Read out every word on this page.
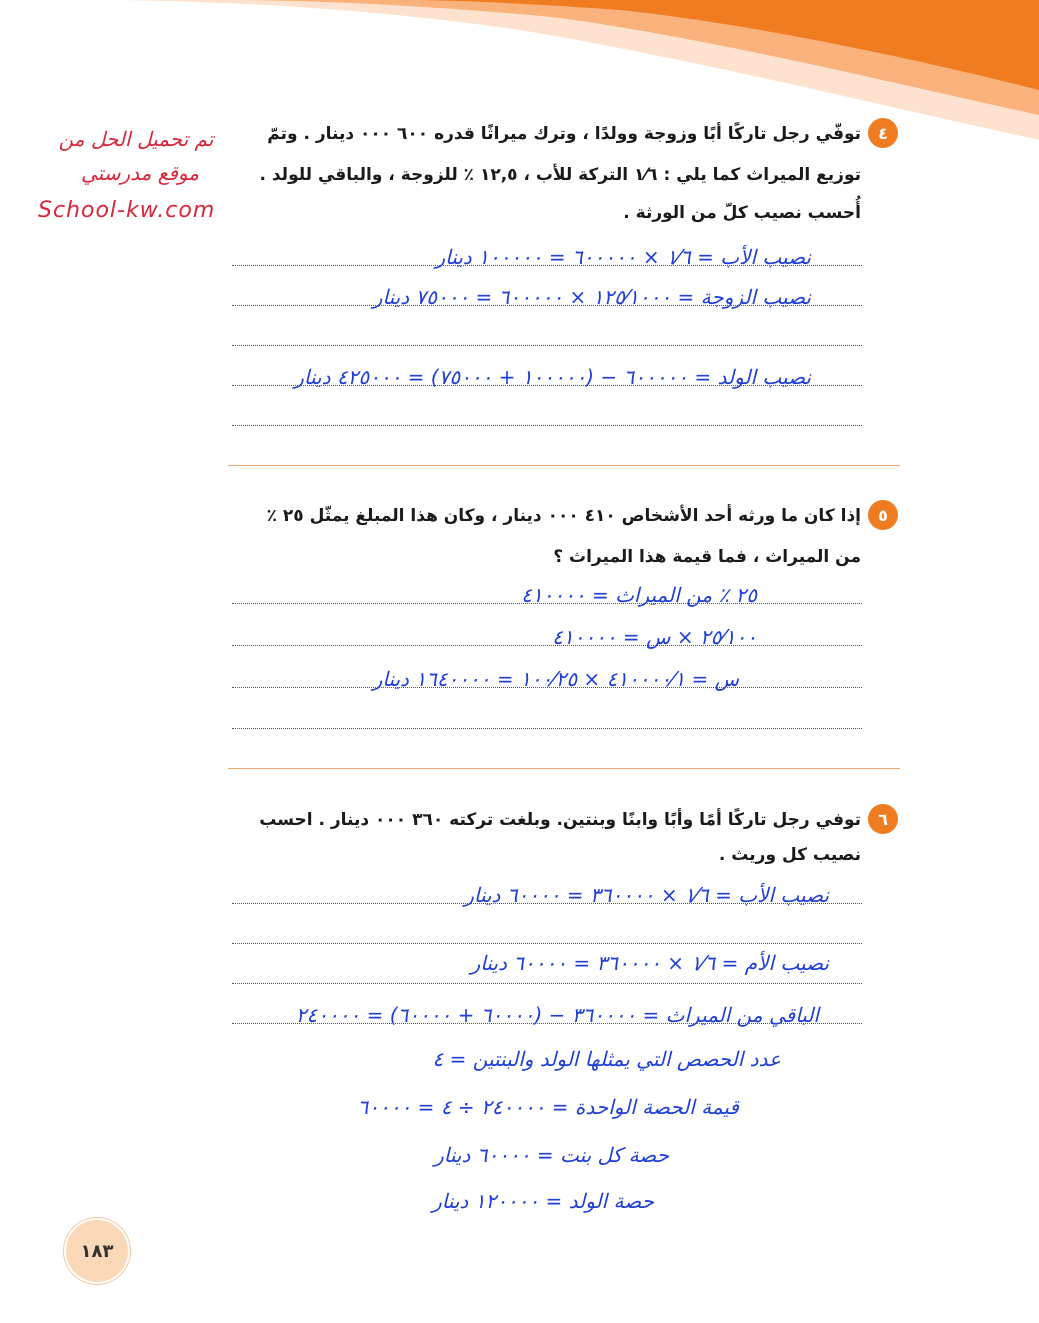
تم تحميل الحل من
موقع مدرستي
School-kw.com
٤
توفّي رجل تاركًا أبًا وزوجة وولدًا ، وترك ميراثًا قدره ٦٠٠ ٠٠٠ دينار . وتمّ
توزيع الميراث كما يلي : ١⁄٦ التركة للأب ، ١٢,٥ ٪ للزوجة ، والباقي للولد .
أُحسب نصيب كلّ من الورثة .
نصيب الأب = ١⁄٦ × ٦٠٠٠٠٠ = ١٠٠٠٠٠ دينار
نصيب الزوجة = ١٢٥⁄١٠٠٠ × ٦٠٠٠٠٠ = ٧٥٠٠٠ دينار
نصيب الولد = ٦٠٠٠٠٠ − (١٠٠٠٠٠ + ٧٥٠٠٠) = ٤٢٥٠٠٠ دينار
٥
إذا كان ما ورثه أحد الأشخاص ٤١٠ ٠٠٠ دينار ، وكان هذا المبلغ يمثّل ٢٥ ٪
من الميراث ، فما قيمة هذا الميراث ؟
٢٥ ٪ من الميراث = ٤١٠٠٠٠
٢٥⁄١٠٠ × س = ٤١٠٠٠٠
س = ٤١٠٠٠٠⁄١ × ١٠٠⁄٢٥ = ١٦٤٠٠٠٠ دينار
٦
توفي رجل تاركًا أمًا وأبًا وابنًا وبنتين. وبلغت تركته ٣٦٠ ٠٠٠ دينار . احسب
نصيب كل وريث .
نصيب الأب = ١⁄٦ × ٣٦٠٠٠٠ = ٦٠٠٠٠ دينار
نصيب الأم = ١⁄٦ × ٣٦٠٠٠٠ = ٦٠٠٠٠ دينار
الباقي من الميراث = ٣٦٠٠٠٠ − (٦٠٠٠٠ + ٦٠٠٠٠) = ٢٤٠٠٠٠
عدد الحصص التي يمثلها الولد والبنتين = ٤
قيمة الحصة الواحدة = ٢٤٠٠٠٠ ÷ ٤ = ٦٠٠٠٠
حصة كل بنت = ٦٠٠٠٠ دينار
حصة الولد = ١٢٠٠٠٠ دينار
١٨٣
